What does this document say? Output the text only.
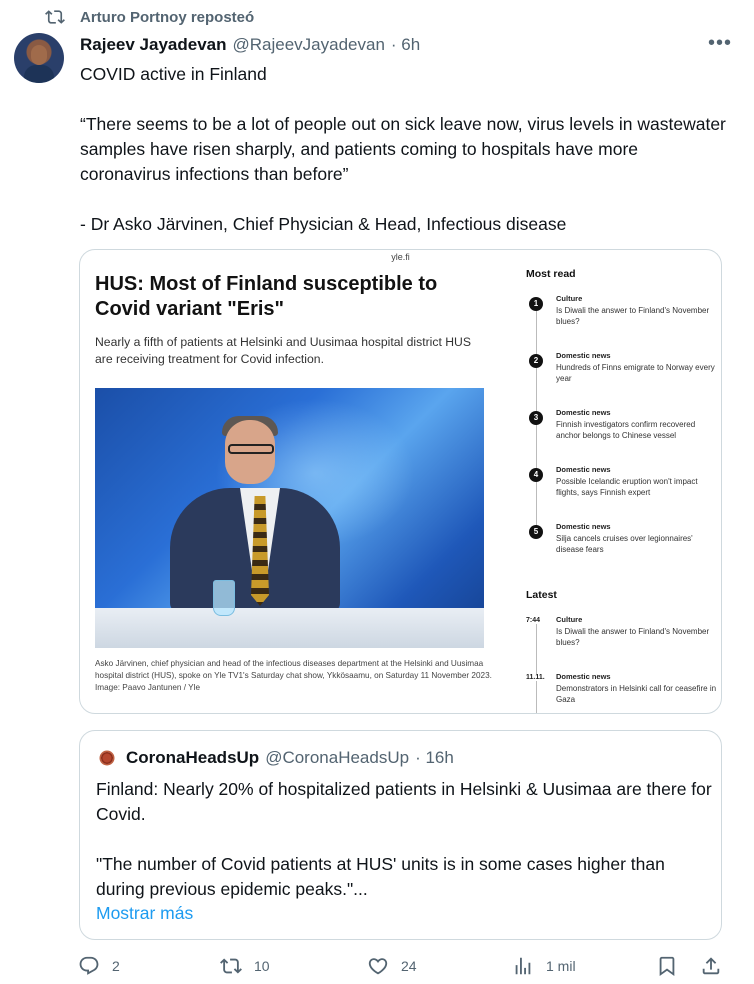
Arturo Portnoy reposteó
Rajeev Jayadevan @RajeevJayadevan · 6h	•••
COVID active in Finland

“There seems to be a lot of people out on sick leave now, virus levels in wastewater samples have risen sharply, and patients coming to hospitals have more coronavirus infections than before”

- Dr Asko Järvinen, Chief Physician & Head, Infectious disease
yle.fi
HUS: Most of Finland susceptible to Covid variant "Eris"
Nearly a fifth of patients at Helsinki and Uusimaa hospital district HUS are receiving treatment for Covid infection.
Asko Järvinen, chief physician and head of the infectious diseases department at the Helsinki and Uusimaa hospital district (HUS), spoke on Yle TV1's Saturday chat show, Ykkösaamu, on Saturday 11 November 2023. Image: Paavo Jantunen / Yle
Most read
1
Culture
Is Diwali the answer to Finland's November blues?
2
Domestic news
Hundreds of Finns emigrate to Norway every year
3
Domestic news
Finnish investigators confirm recovered anchor belongs to Chinese vessel
4
Domestic news
Possible Icelandic eruption won't impact flights, says Finnish expert
5
Domestic news
Silja cancels cruises over legionnaires' disease fears
Latest
7:44 Culture
Is Diwali the answer to Finland's November blues?
11.11. Domestic news
Demonstrators in Helsinki call for ceasefire in Gaza
CoronaHeadsUp @CoronaHeadsUp · 16h
Finland: Nearly 20% of hospitalized patients in Helsinki & Uusimaa are there for Covid.

"The number of Covid patients at HUS' units is in some cases higher than during previous epidemic peaks."...
Mostrar más
2	10	24	1 mil
